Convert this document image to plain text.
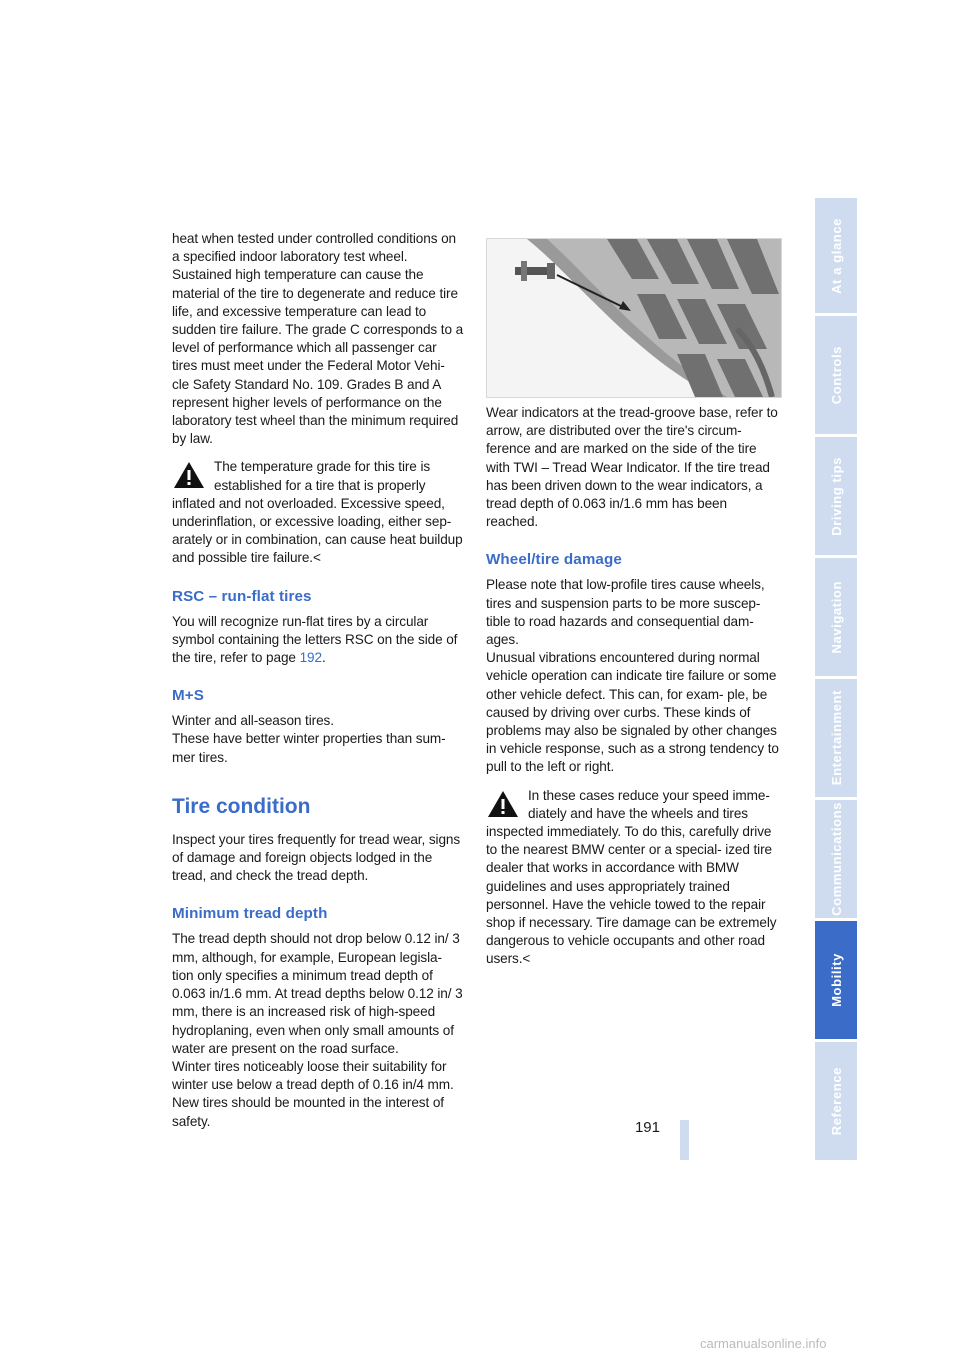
heat when tested under controlled conditions on a specified indoor laboratory test wheel. Sustained high temperature can cause the material of the tire to degenerate and reduce tire life, and excessive temperature can lead to sudden tire failure. The grade C corresponds to a level of performance which all passenger car tires must meet under the Federal Motor Vehi- cle Safety Standard No. 109. Grades B and A represent higher levels of performance on the laboratory test wheel than the minimum required by law.

The temperature grade for this tire is established for a tire that is properly inflated and not overloaded. Excessive speed, underinflation, or excessive loading, either sep- arately or in combination, can cause heat buildup and possible tire failure.<

RSC – run-flat tires

You will recognize run-flat tires by a circular symbol containing the letters RSC on the side of the tire, refer to page 192.

M+S

Winter and all-season tires.

These have better winter properties than sum- mer tires.

Tire condition

Inspect your tires frequently for tread wear, signs of damage and foreign objects lodged in the tread, and check the tread depth.

Minimum tread depth

The tread depth should not drop below 0.12 in/ 3 mm, although, for example, European legisla- tion only specifies a minimum tread depth of 0.063 in/1.6 mm. At tread depths below 0.12 in/ 3 mm, there is an increased risk of high-speed hydroplaning, even when only small amounts of water are present on the road surface.

Winter tires noticeably loose their suitability for winter use below a tread depth of 0.16 in/4 mm. New tires should be mounted in the interest of safety.

Wear indicators at the tread-groove base, refer to arrow, are distributed over the tire's circum- ference and are marked on the side of the tire with TWI – Tread Wear Indicator. If the tire tread has been driven down to the wear indicators, a tread depth of 0.063 in/1.6 mm has been reached.

Wheel/tire damage

Please note that low-profile tires cause wheels, tires and suspension parts to be more suscep- tible to road hazards and consequential dam- ages.

Unusual vibrations encountered during normal vehicle operation can indicate tire failure or some other vehicle defect. This can, for exam- ple, be caused by driving over curbs. These kinds of problems may also be signaled by other changes in vehicle response, such as a strong tendency to pull to the left or right.

In these cases reduce your speed imme- diately and have the wheels and tires inspected immediately. To do this, carefully drive to the nearest BMW center or a special- ized tire dealer that works in accordance with BMW guidelines and uses appropriately trained personnel. Have the vehicle towed to the repair shop if necessary. Tire damage can be extremely dangerous to vehicle occupants and other road users.<

At a glance
Controls
Driving tips
Navigation
Entertainment
Communications
Mobility
Reference
191
carmanualsonline.info
